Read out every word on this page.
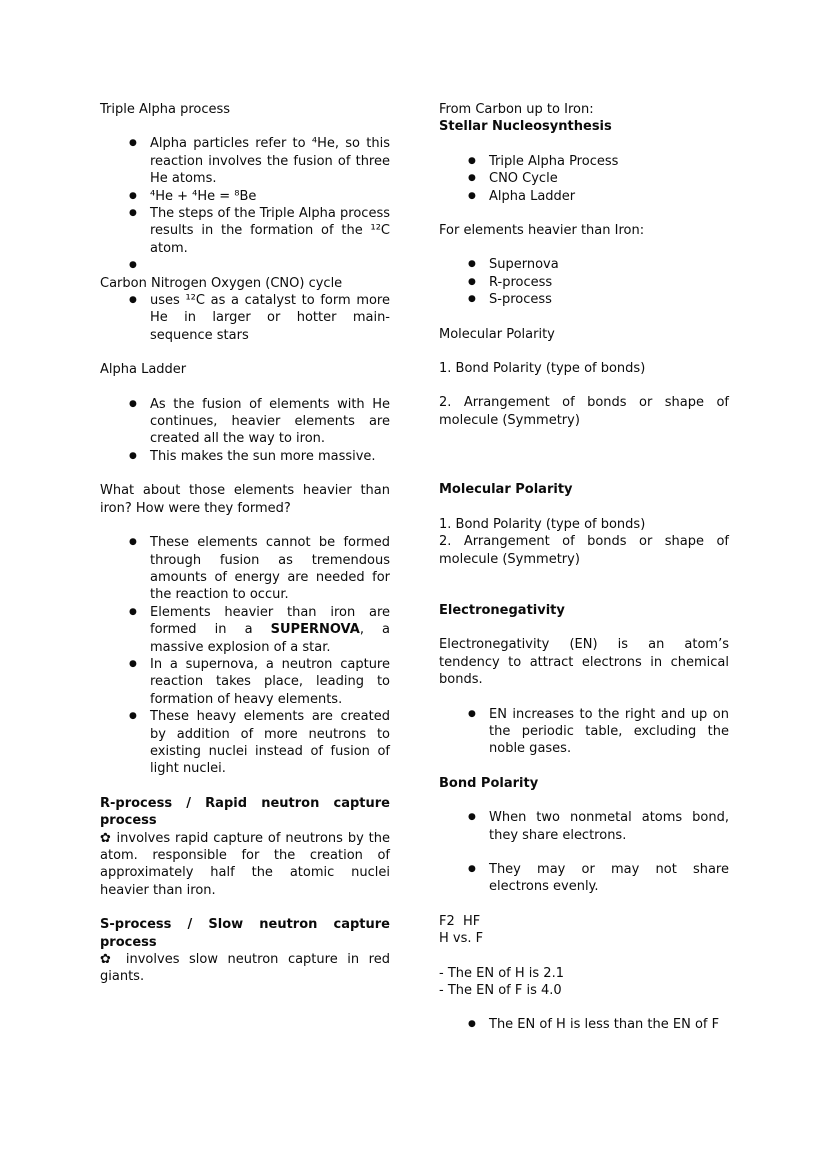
Triple Alpha process

● Alpha particles refer to ⁴He, so this reaction involves the fusion of three He atoms.
● ⁴He + ⁴He = ⁸Be
● The steps of the Triple Alpha process results in the formation of the ¹²C atom.
●

Carbon Nitrogen Oxygen (CNO) cycle

● uses ¹²C as a catalyst to form more He in larger or hotter main-sequence stars

Alpha Ladder

● As the fusion of elements with He continues, heavier elements are created all the way to iron.
● This makes the sun more massive.

What about those elements heavier than iron? How were they formed?

● These elements cannot be formed through fusion as tremendous amounts of energy are needed for the reaction to occur.
● Elements heavier than iron are formed in a SUPERNOVA, a massive explosion of a star.
● In a supernova, a neutron capture reaction takes place, leading to formation of heavy elements.
● These heavy elements are created by addition of more neutrons to existing nuclei instead of fusion of light nuclei.

R-process / Rapid neutron capture process

✿ involves rapid capture of neutrons by the atom. responsible for the creation of approximately half the atomic nuclei heavier than iron.

S-process / Slow neutron capture process

✿ involves slow neutron capture in red giants.

From Carbon up to Iron:

Stellar Nucleosynthesis

● Triple Alpha Process
● CNO Cycle
● Alpha Ladder

For elements heavier than Iron:

● Supernova
● R-process
● S-process

Molecular Polarity

1. Bond Polarity (type of bonds)

2. Arrangement of bonds or shape of molecule (Symmetry)

Molecular Polarity

1. Bond Polarity (type of bonds)

2. Arrangement of bonds or shape of molecule (Symmetry)

Electronegativity

Electronegativity (EN) is an atom’s tendency to attract electrons in chemical bonds.

● EN increases to the right and up on the periodic table, excluding the noble gases.

Bond Polarity

● When two nonmetal atoms bond, they share electrons.
● They may or may not share electrons evenly.

F2  HF

H vs. F

- The EN of H is 2.1

- The EN of F is 4.0

● The EN of H is less than the EN of F
